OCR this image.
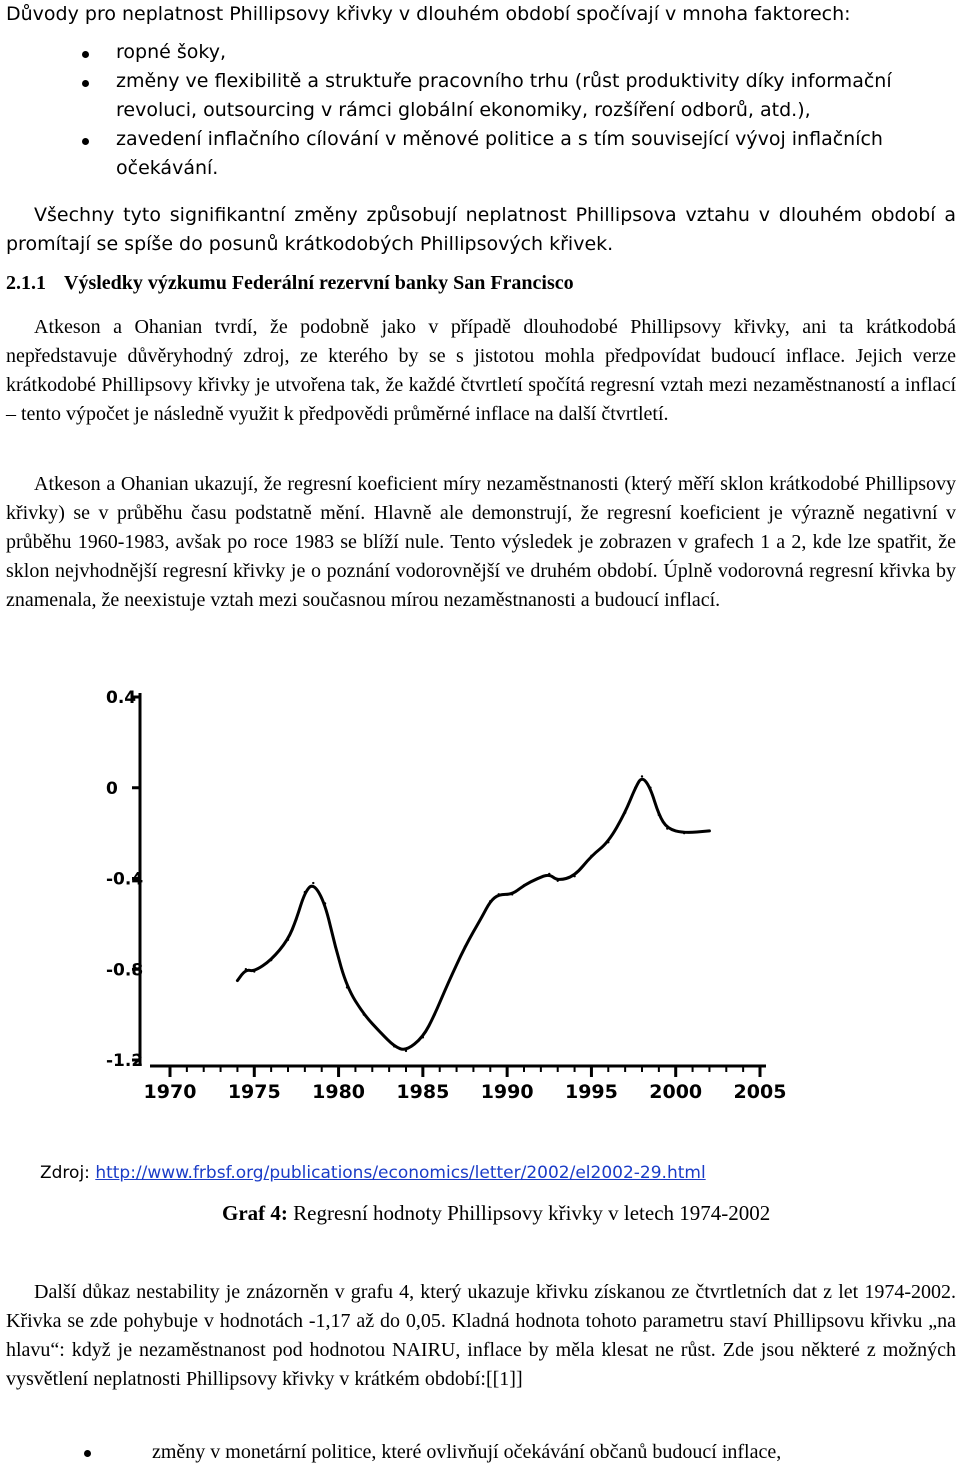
Důvody pro neplatnost Phillipsovy křivky v dlouhém období spočívají v mnoha faktorech:
ropné šoky,
změny ve flexibilitě a struktuře pracovního trhu (růst produktivity díky informační revoluci, outsourcing v rámci globální ekonomiky, rozšíření odborů, atd.),
zavedení inflačního cílování v měnové politice a s tím související vývoj inflačních očekávání.
Všechny tyto signifikantní změny způsobují neplatnost Phillipsova vztahu v dlouhém období a promítají se spíše do posunů krátkodobých Phillipsových křivek.
2.1.1 Výsledky výzkumu Federální rezervní banky San Francisco
Atkeson a Ohanian tvrdí, že podobně jako v případě dlouhodobé Phillipsovy křivky, ani ta krátkodobá nepředstavuje důvěryhodný zdroj, ze kterého by se s jistotou mohla předpovídat budoucí inflace. Jejich verze krátkodobé Phillipsovy křivky je utvořena tak, že každé čtvrtletí spočítá regresní vztah mezi nezaměstnaností a inflací – tento výpočet je následně využit k předpovědi průměrné inflace na další čtvrtletí.
Atkeson a Ohanian ukazují, že regresní koeficient míry nezaměstnanosti (který měří sklon krátkodobé Phillipsovy křivky) se v průběhu času podstatně mění. Hlavně ale demonstrují, že regresní koeficient je výrazně negativní v průběhu 1960-1983, avšak po roce 1983 se blíží nule. Tento výsledek je zobrazen v grafech 1 a 2, kde lze spatřit, že sklon nejvhodnější regresní křivky je o poznání vodorovnější ve druhém období. Úplně vodorovná regresní křivka by znamenala, že neexistuje vztah mezi současnou mírou nezaměstnanosti a budoucí inflací.
0.4
0
-0.4
-0.8
-1.2
1970 1975 1980 1985 1990 1995 2000 2005
Zdroj: http://www.frbsf.org/publications/economics/letter/2002/el2002-29.html
Graf 4: Regresní hodnoty Phillipsovy křivky v letech 1974-2002
Další důkaz nestability je znázorněn v grafu 4, který ukazuje křivku získanou ze čtvrtletních dat z let 1974-2002. Křivka se zde pohybuje v hodnotách -1,17 až do 0,05. Kladná hodnota tohoto parametru staví Phillipsovu křivku „na hlavu“: když je nezaměstnanost pod hodnotou NAIRU, inflace by měla klesat ne růst. Zde jsou některé z možných vysvětlení neplatnosti Phillipsovy křivky v krátkém období:[[1]]
změny v monetární politice, které ovlivňují očekávání občanů budoucí inflace,
